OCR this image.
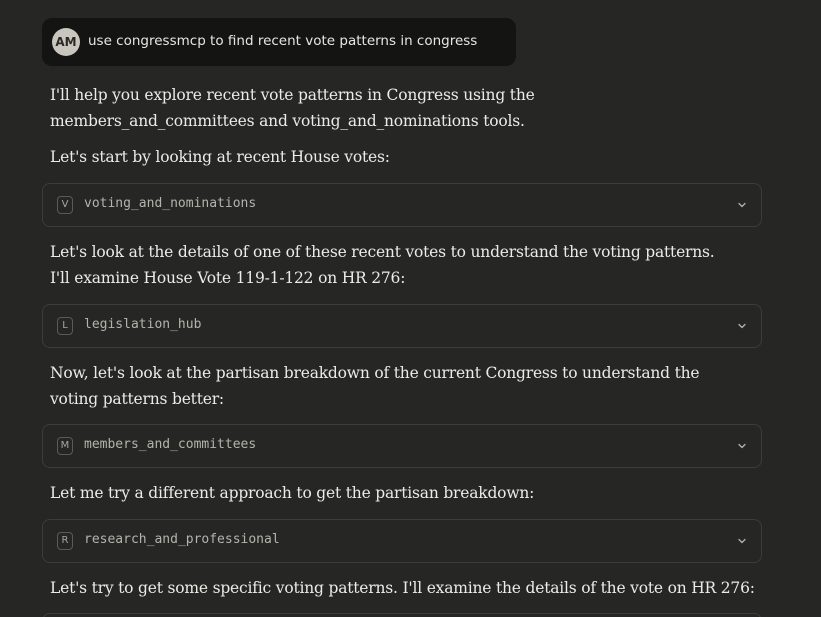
AM use congressmcp to find recent vote patterns in congress

I'll help you explore recent vote patterns in Congress using the members_and_committees and voting_and_nominations tools.

Let's start by looking at recent House votes:

V	voting_and_nominations

Let's look at the details of one of these recent votes to understand the voting patterns. I'll examine House Vote 119-1-122 on HR 276:

L	legislation_hub

Now, let's look at the partisan breakdown of the current Congress to understand the voting patterns better:

M members_and_committees

Let me try a different approach to get the partisan breakdown:

R	research_and_professional

Let's try to get some specific voting patterns. I'll examine the details of the vote on HR 276:
